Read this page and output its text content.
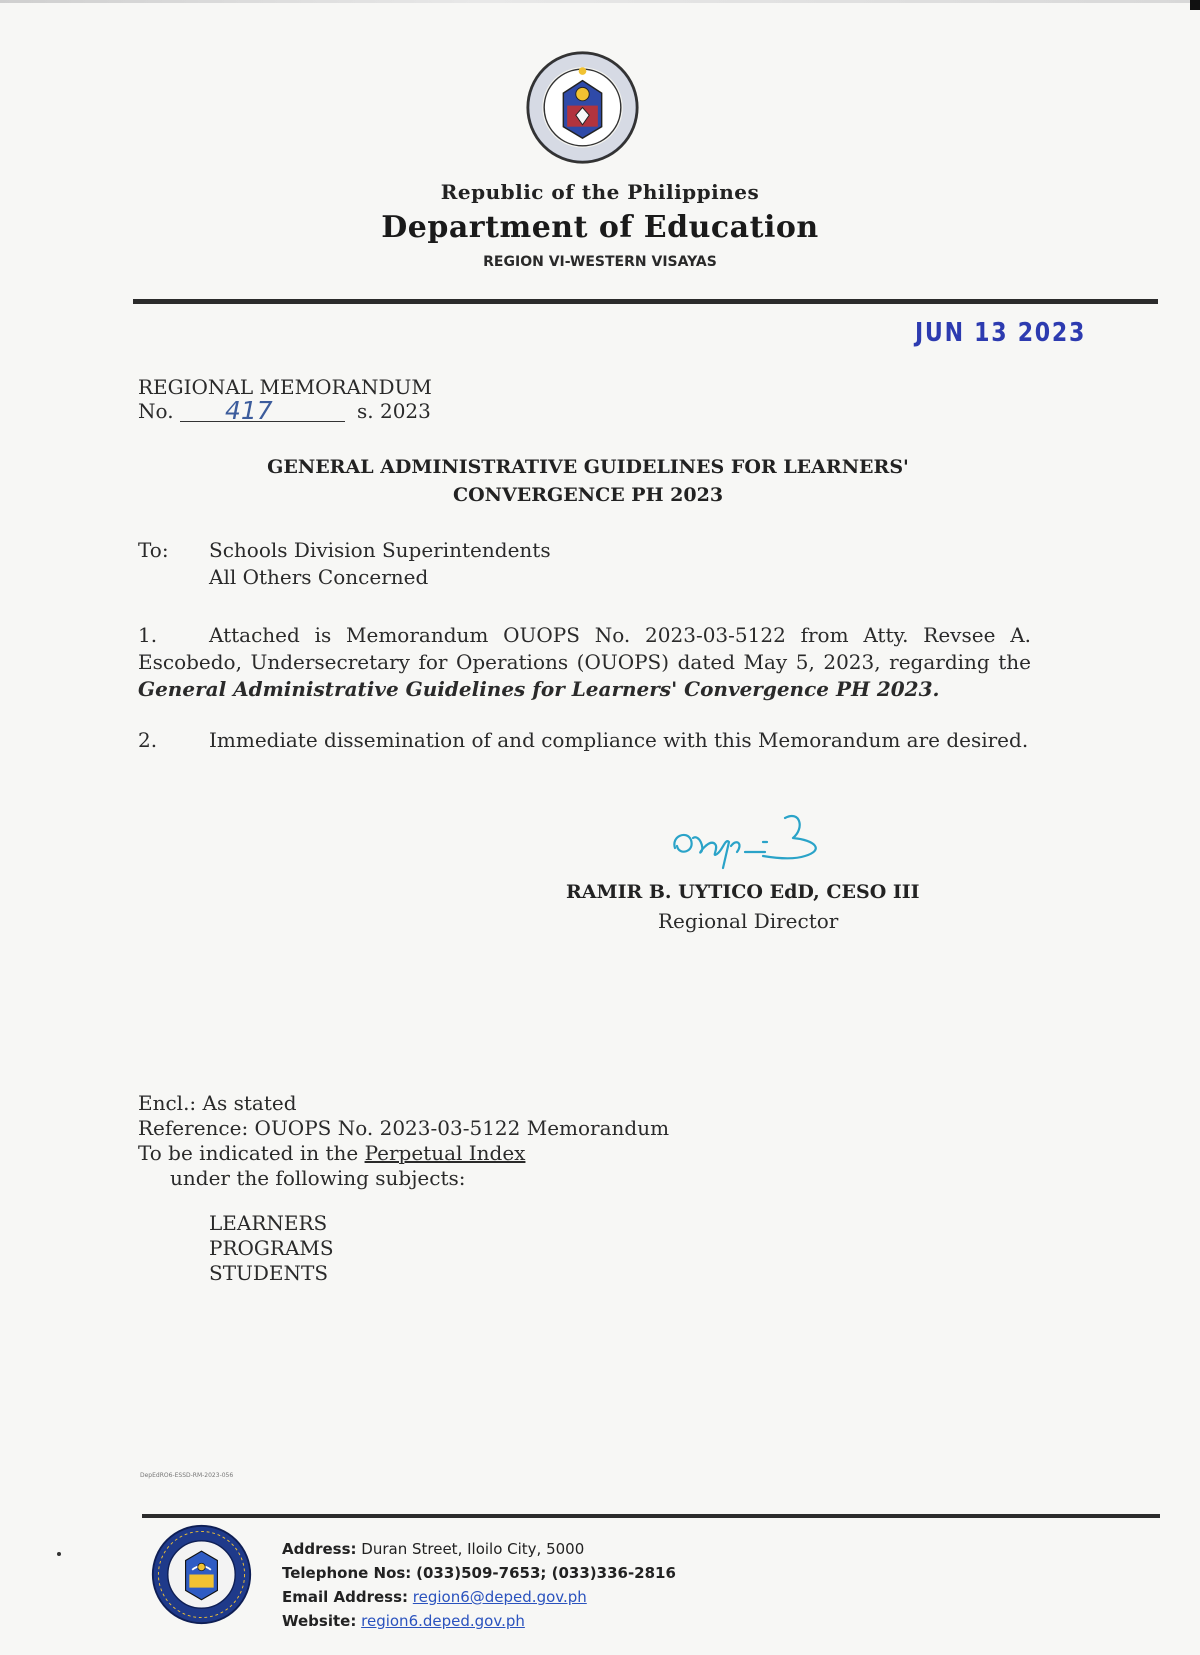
Republic of the Philippines
Department of Education
REGION VI-WESTERN VISAYAS
JUN 13 2023
REGIONAL MEMORANDUM
No. 417	s. 2023
GENERAL ADMINISTRATIVE GUIDELINES FOR LEARNERS'
CONVERGENCE PH 2023
To: Schools Division Superintendents
All Others Concerned
1.	Attached is Memorandum OUOPS No. 2023-03-5122 from Atty. Revsee A. Escobedo, Undersecretary for Operations (OUOPS) dated May 5, 2023, regarding the General Administrative Guidelines for Learners' Convergence PH 2023.
2.	Immediate dissemination of and compliance with this Memorandum are desired.
RAMIR B. UYTICO EdD, CESO III
Regional Director
Encl.: As stated
Reference: OUOPS No. 2023-03-5122 Memorandum
To be indicated in the Perpetual Index
under the following subjects:
LEARNERS
PROGRAMS
STUDENTS
DepEdRO6-ESSD-RM-2023-056
Address: Duran Street, Iloilo City, 5000
Telephone Nos: (033)509-7653; (033)336-2816
Email Address: region6@deped.gov.ph
Website: region6.deped.gov.ph
